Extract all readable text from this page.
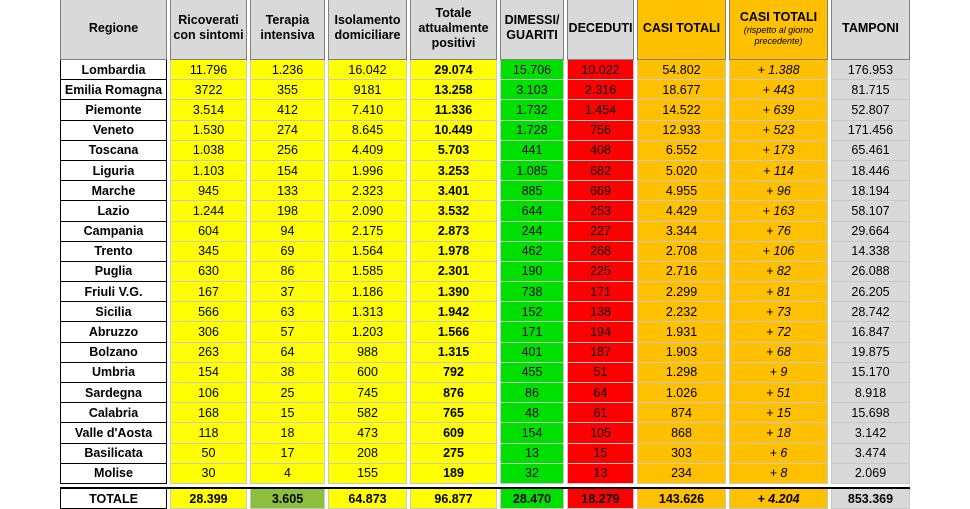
Regione		Ricoverati con sintomi		Terapia intensiva		Isolamento domiciliare		Totale attualmente positivi		DIMESSI/ GUARITI		DECEDUTI		CASI TOTALI		CASI TOTALI
(rispetto al giorno precedente)		TAMPONI
Lombardia		11.796		1.236		16.042		29.074		15.706		10.022		54.802		+ 1.388		176.953
Emilia Romagna		3722		355		9181		13.258		3.103		2.316		18.677		+ 443		81.715
Piemonte		3.514		412		7.410		11.336		1.732		1.454		14.522		+ 639		52.807
Veneto		1.530		274		8.645		10.449		1.728		756		12.933		+ 523		171.456
Toscana		1.038		256		4.409		5.703		441		408		6.552		+ 173		65.461
Liguria		1.103		154		1.996		3.253		1.085		682		5.020		+ 114		18.446
Marche		945		133		2.323		3.401		885		669		4.955		+ 96		18.194
Lazio		1.244		198		2.090		3.532		644		253		4.429		+ 163		58.107
Campania		604		94		2.175		2.873		244		227		3.344		+ 76		29.664
Trento		345		69		1.564		1.978		462		268		2.708		+ 106		14.338
Puglia		630		86		1.585		2.301		190		225		2.716		+ 82		26.088
Friuli V.G.		167		37		1.186		1.390		738		171		2.299		+ 81		26.205
Sicilia		566		63		1.313		1.942		152		138		2.232		+ 73		28.742
Abruzzo		306		57		1.203		1.566		171		194		1.931		+ 72		16.847
Bolzano		263		64		988		1.315		401		187		1.903		+ 68		19.875
Umbria		154		38		600		792		455		51		1.298		+ 9		15.170
Sardegna		106		25		745		876		86		64		1.026		+ 51		8.918
Calabria		168		15		582		765		48		61		874		+ 15		15.698
Valle d'Aosta		118		18		473		609		154		105		868		+ 18		3.142
Basilicata		50		17		208		275		13		15		303		+ 6		3.474
Molise		30		4		155		189		32		13		234		+ 8		2.069

TOTALE		28.399		3.605		64.873		96.877		28.470		18.279		143.626		+ 4.204		853.369
